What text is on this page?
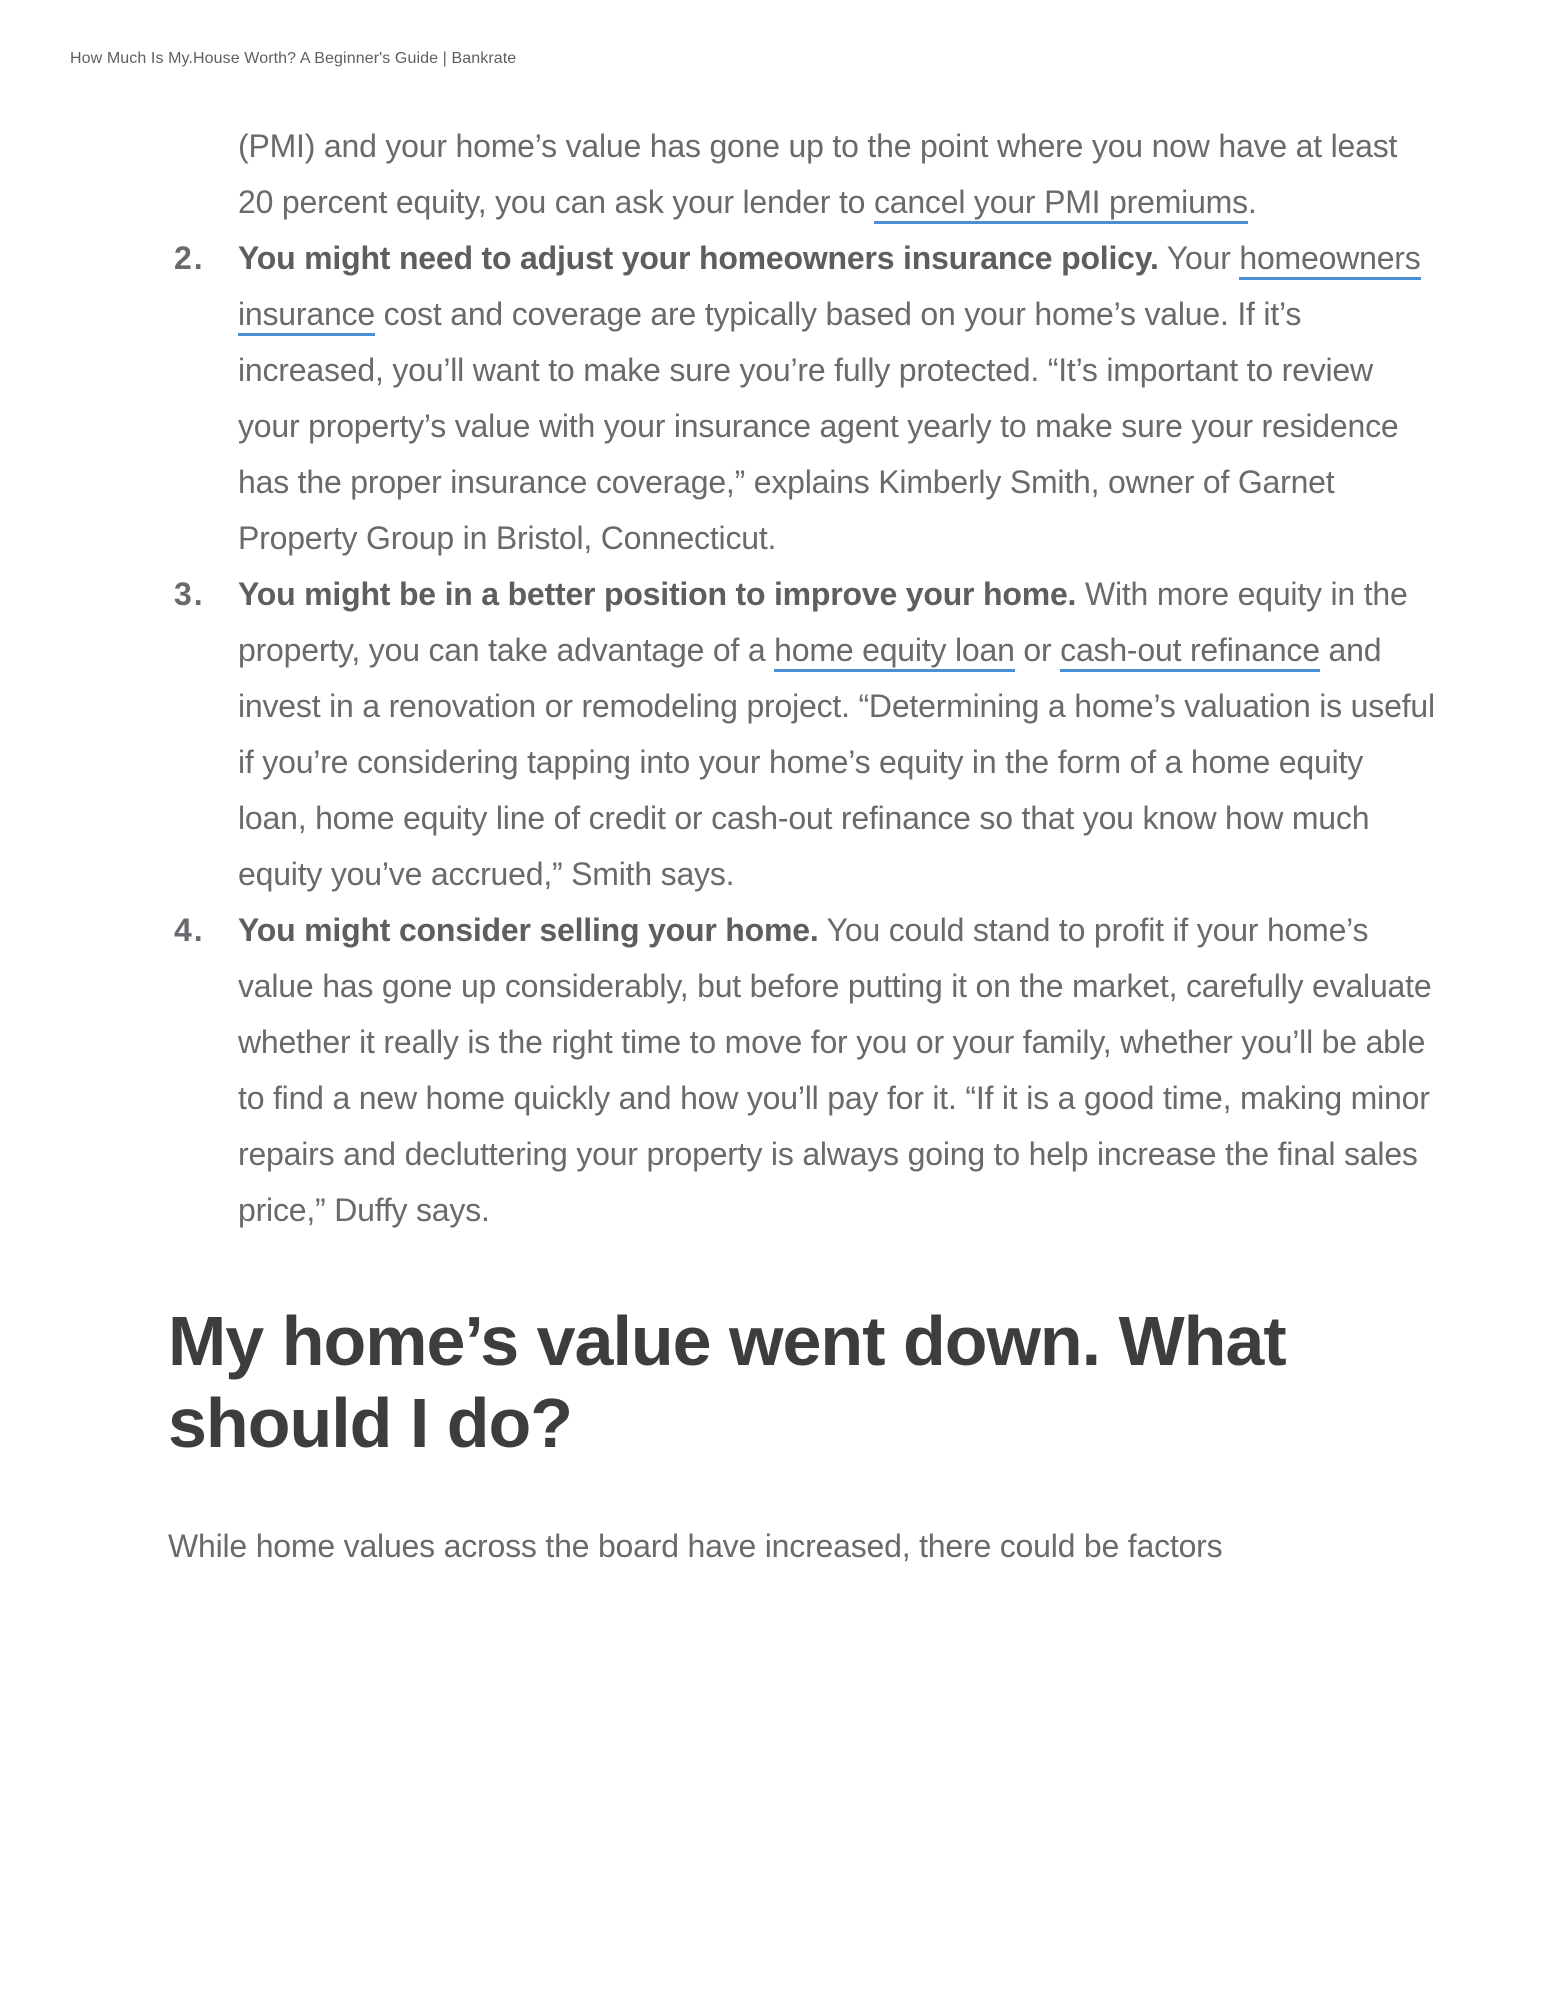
How Much Is My.House Worth? A Beginner's Guide | Bankrate
(PMI) and your home’s value has gone up to the point where you now have at least 20 percent equity, you can ask your lender to cancel your PMI premiums.
2. You might need to adjust your homeowners insurance policy. Your homeowners insurance cost and coverage are typically based on your home’s value. If it’s increased, you’ll want to make sure you’re fully protected. “It’s important to review your property’s value with your insurance agent yearly to make sure your residence has the proper insurance coverage,” explains Kimberly Smith, owner of Garnet Property Group in Bristol, Connecticut.
3. You might be in a better position to improve your home. With more equity in the property, you can take advantage of a home equity loan or cash-out refinance and invest in a renovation or remodeling project. “Determining a home’s valuation is useful if you’re considering tapping into your home’s equity in the form of a home equity loan, home equity line of credit or cash-out refinance so that you know how much equity you’ve accrued,” Smith says.
4. You might consider selling your home. You could stand to profit if your home’s value has gone up considerably, but before putting it on the market, carefully evaluate whether it really is the right time to move for you or your family, whether you’ll be able to find a new home quickly and how you’ll pay for it. “If it is a good time, making minor repairs and decluttering your property is always going to help increase the final sales price,” Duffy says.
My home’s value went down. What should I do?

While home values across the board have increased, there could be factors
